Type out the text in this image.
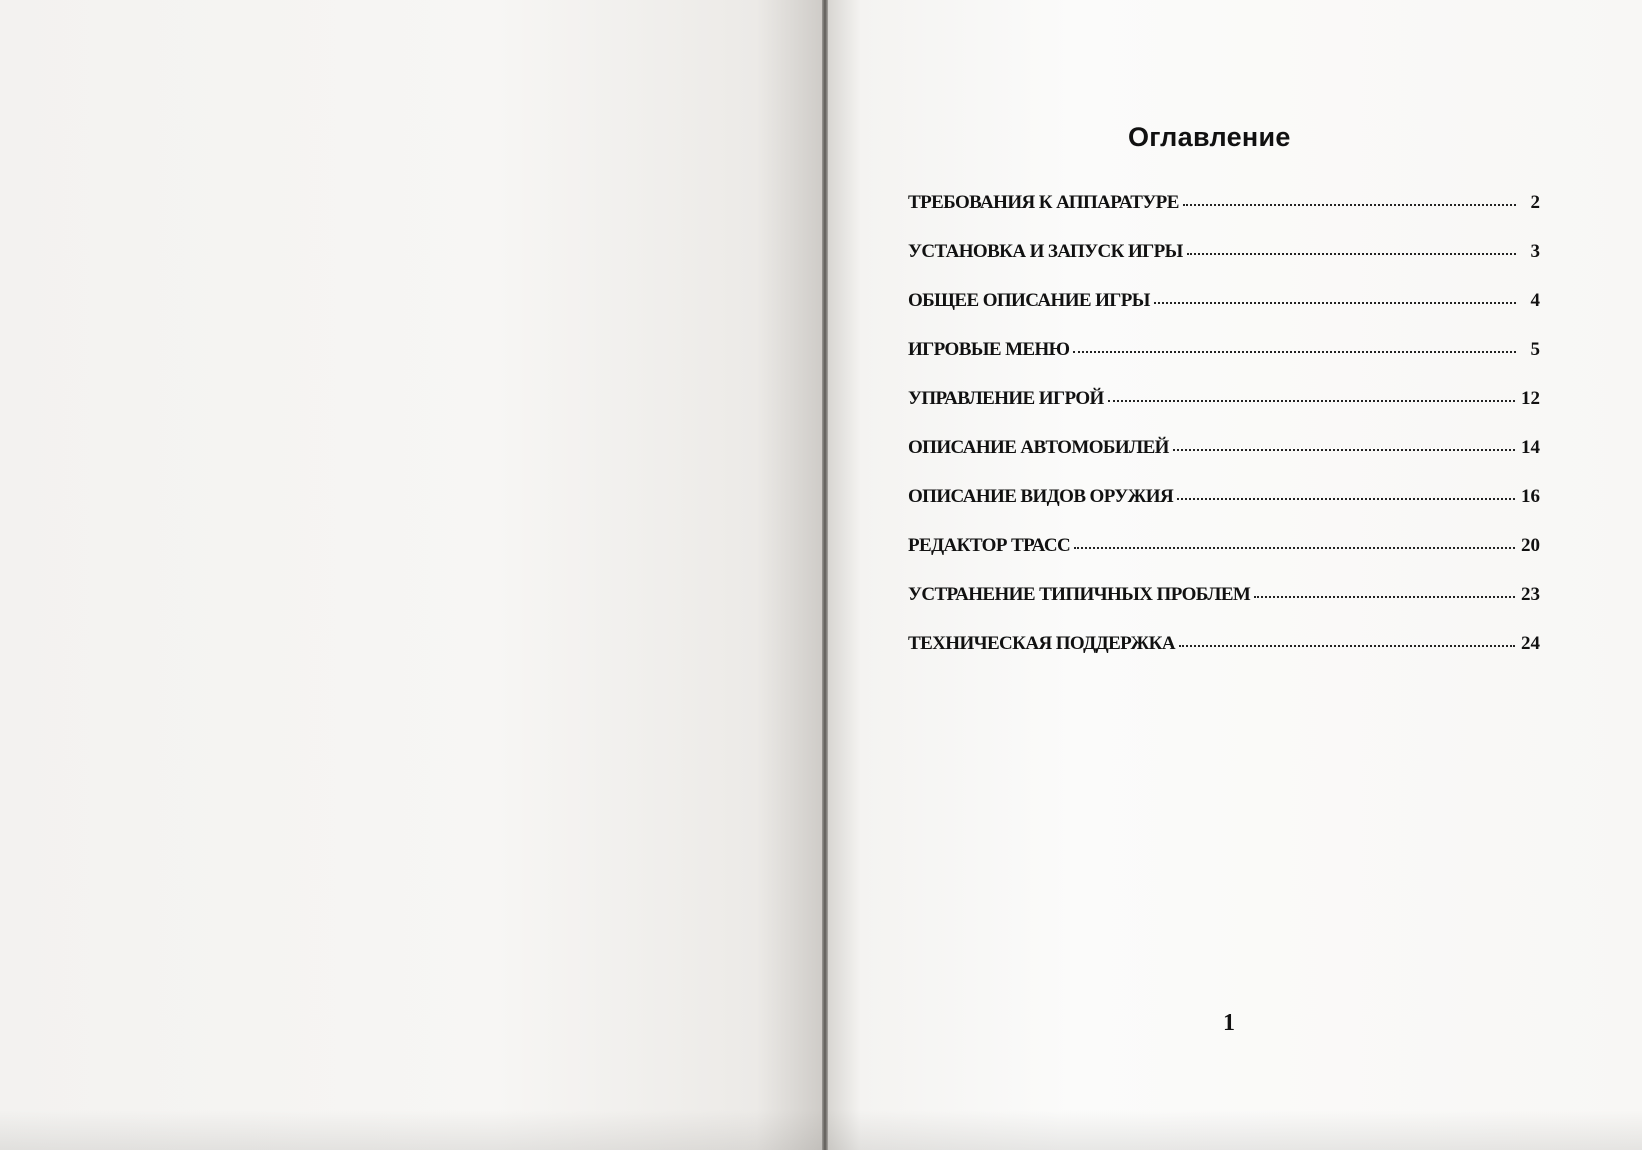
Оглавление
ТРЕБОВАНИЯ К АППАРАТУРЕ	2
УСТАНОВКА И ЗАПУСК ИГРЫ	3
ОБЩЕЕ ОПИСАНИЕ ИГРЫ	4
ИГРОВЫЕ МЕНЮ	5
УПРАВЛЕНИЕ ИГРОЙ	12
ОПИСАНИЕ АВТОМОБИЛЕЙ	14
ОПИСАНИЕ ВИДОВ ОРУЖИЯ	16
РЕДАКТОР ТРАСС	20
УСТРАНЕНИЕ ТИПИЧНЫХ ПРОБЛЕМ	23
ТЕХНИЧЕСКАЯ ПОДДЕРЖКА	24
1
